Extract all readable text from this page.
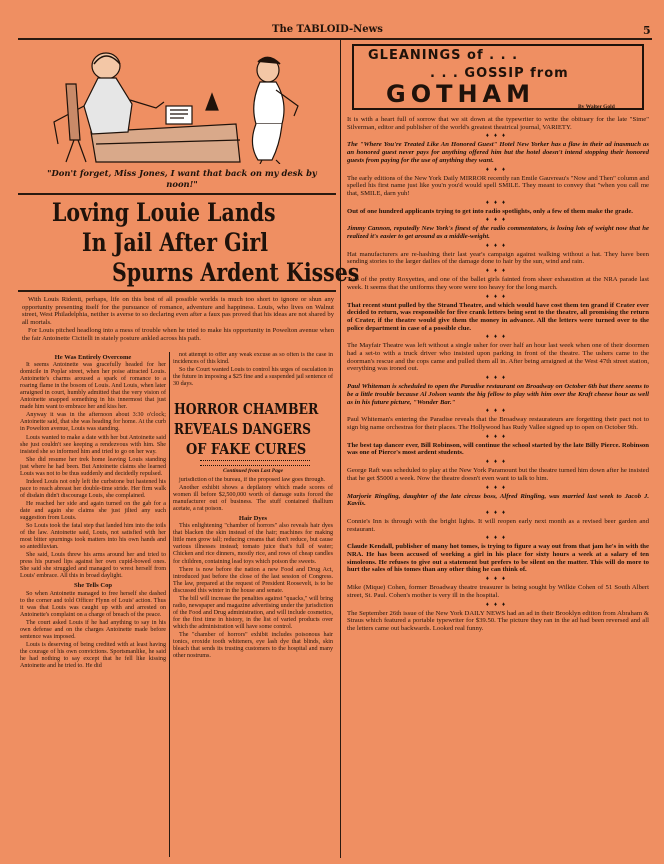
The TABLOID-News	5
"Don't forget, Miss Jones, I want that back on my desk by noon!"
Loving Louie Lands
In Jail After Girl
Spurns Ardent Kisses

With Louis Ridenti, perhaps, life on this best of all possible worlds is much too short to ignore or shun any opportunity presenting itself for the pursuance of romance, adventure and happiness. Louis, who lives on Walnut street, West Philadelphia, neither is averse to so declaring even after a faux pas proved that his ideas are not shared by all mortals.

For Louis pitched headlong into a mess of trouble when he tried to make his opportunity in Powelton avenue when the fair Antoinette Cicitelli in stately posture ankled across his path.

He Was Entirely Overcome

It seems Antoinette was gracefully headed for her domicile in Poplar street, when her poise attracted Louis. Antoinette's charms aroused a spark of romance to a roaring flame in the bosom of Louis. And Louis, when later arraigned in court, humbly admitted that the very vision of Antoinette snapped something in his innermost that just made him want to embrace her and kiss her.

Anyway it was in the afternoon about 3:30 o'clock; Antoinette said, that she was heading for home. At the curb in Powelton avenue, Louis was standing.

Louis wanted to make a date with her but Antoinette said she just couldn't see keeping a rendezvous with him. She insisted she so informed him and tried to go on her way.

She did resume her trek home leaving Louis standing just where he had been. But Antoinette claims she learned Louis was not to be thus suddenly and decidedly repulsed.

Indeed Louis not only left the curbstone but hastened his pace to reach abreast her double-time stride. Her firm walk of disdain didn't discourage Louis, she complained.

He reached her side and again turned on the gab for a date and again she claims she just jilted any such suggestion from Louis.

So Louis took the fatal step that landed him into the toils of the law. Antoinette said, Louis, not satisfied with her most bitter spurnings took matters into his own hands and so antediluvian.

She said, Louis threw his arms around her and tried to press his pursed lips against her own cupid-bowed ones. She said she struggled and managed to wrest herself from Louis' embrace. All this in broad daylight.

She Tells Cop

So when Antoinette managed to free herself she dashed to the corner and told Officer Flynn of Louis' action. Thus it was that Louis was caught up with and arrested on Antoinette's complaint on a charge of breach of the peace.

The court asked Louis if he had anything to say in his own defense and on the charges Antoinette made before sentence was imposed.

Louis is deserving of being credited with at least having the courage of his own convictions. Sportsmanlike, he said he had nothing to say except that he fell like kissing Antoinette and he tried to. He did

not attempt to offer any weak excuse as so often is the case in incidences of this kind.

So the Court wanted Louis to control his urges of osculation in the future in imposing a $25 fine and a suspended jail sentence of 30 days.

HORROR CHAMBER
REVEALS DANGERS
OF FAKE CURES
Continued from Last Page

jurisdiction of the bureau, if the proposed law goes through.

Another exhibit shows a depilatory which made scores of women ill before $2,500,000 worth of damage suits forced the manufacturer out of business. The stuff contained thallium acetate, a rat poison.

Hair Dyes

This enlightening "chamber of horrors" also reveals hair dyes that blacken the skin instead of the hair; machines for making little men grow tall; reducing creams that don't reduce, but cause various illnesses instead; tomato juice that's full of water; Chicken and rice dinners, mostly rice, and rows of cheap candles for children, containing lead toys which poison the sweets.

There is now before the nation a new Food and Drug Act, introduced just before the close of the last session of Congress. The law, prepared at the request of President Roosevelt, is to be discussed this winter in the house and senate.

The bill will increase the penalties against "quacks," will bring radio, newspaper and magazine advertising under the jurisdiction of the Food and Drug administration, and will include cosmetics, for the first time in history, in the list of varied products over which the administration will have some control.

The "chamber of horrors" exhibit includes poisonous hair tonics, eroxide tooth whiteners, eye lash dye that blinds, skin bleach that sends its trusting customers to the hospital and many other nostrums.

GLEANINGS of . . .
. . . GOSSIP from
GOTHAM	By Walter Gold

It is with a heart full of sorrow that we sit down at the typewriter to write the obituary for the late "Sime" Silverman, editor and publisher of the world's greatest theatrical journal, VARIETY.

♦♦♦

The "Where You're Treated Like An Honored Guest" Hotel New Yorker has a flaw in their ad inasmuch as an honored guest never pays for anything offered him but the hotel doesn't intend stopping their honored guests from paying for the use of anything they want.

♦♦♦

The early editions of the New York Daily MIRROR recently ran Emile Gauvreau's "Now and Then" column and spelled his first name just like you'n you'd would spell SMILE. They meant to convey that "when you call me that, SMILE, darn yuh!

♦♦♦

Out of one hundred applicants trying to get into radio spotlights, only a few of them make the grade.

♦♦♦

Jimmy Cannon, reputedly New York's finest of the radio commentators, is losing lots of weight now that he realized it's easier to get around as a middle-weight.

♦♦♦

Hat manufacturers are re-hashing their last year's campaign against walking without a hat. They have been sending stories to the larger dailies of the damage done to hair by the sun, wind and rain.

♦♦♦

Two of the pretty Roxyettes, and one of the ballet girls fainted from sheer exhaustion at the NRA parade last week. It seems that the uniforms they wore were too heavy for the long march.

♦♦♦

That recent stunt pulled by the Strand Theatre, and which would have cost them ten grand if Crater ever decided to return, was responsible for five crank letters being sent to the theatre, all promising the return of Crater, if the theatre would give them the money in advance. All the letters were turned over to the police department in case of a possible clue.

♦♦♦

The Mayfair Theatre was left without a single usher for over half an hour last week when one of their doormen had a set-to with a truck driver who insisted upon parking in front of the theatre. The ushers came to the doorman's rescue and the cops came and pulled them all in. After being arraigned at the West 47th street station, everything was ironed out.

♦♦♦

Paul Whiteman is scheduled to open the Paradise restaurant on Broadway on October 6th but there seems to be a little trouble because Al Jolson wants the big fellow to play with him over the Kraft cheese hour as well as in his future picture, "Wonder Bar."

♦♦♦

Paul Whiteman's entering the Paradise reveals that the Broadway restaurateurs are forgetting their pact not to sign big name orchestras for their places. The Hollywood has Rudy Vallee signed up to open on October 9th.

♦♦♦

The best tap dancer ever, Bill Robinson, will continue the school started by the late Billy Pierce. Robinson was one of Pierce's most ardent students.

♦♦♦

George Raft was scheduled to play at the New York Paramount but the theatre turned him down after he insisted that he get $5000 a week. Now the theatre doesn't even want to talk to him.

♦♦♦

Marjorie Ringling, daughter of the late circus boss, Alfred Ringling, was married last week to Jacob J. Kaviis.

♦♦♦

Connie's Inn is through with the bright lights. It will reopen early next month as a revised beer garden and restaurant.

♦♦♦

Claude Kendall, publisher of many hot tomes, is trying to figure a way out from that jam he's in with the NRA. He has been accused of working a girl in his place for sixty hours a week at a salary of ten simoleons. He refuses to give out a statement but prefers to be silent on the matter. This will do more to hurt the sales of his tomes than any other thing he can think of.

♦♦♦

Mike (Mique) Cohen, former Broadway theatre treasurer is being sought by Wilkie Cohen of 51 South Albert street, St. Paul. Cohen's mother is very ill in the hospital.

♦♦♦

The September 26th issue of the New York DAILY NEWS had an ad in their Brooklyn edition from Abraham & Straus which featured a portable typewriter for $39.50. The picture they ran in the ad had been reversed and all the letters came out backwards. Looked real funny.
